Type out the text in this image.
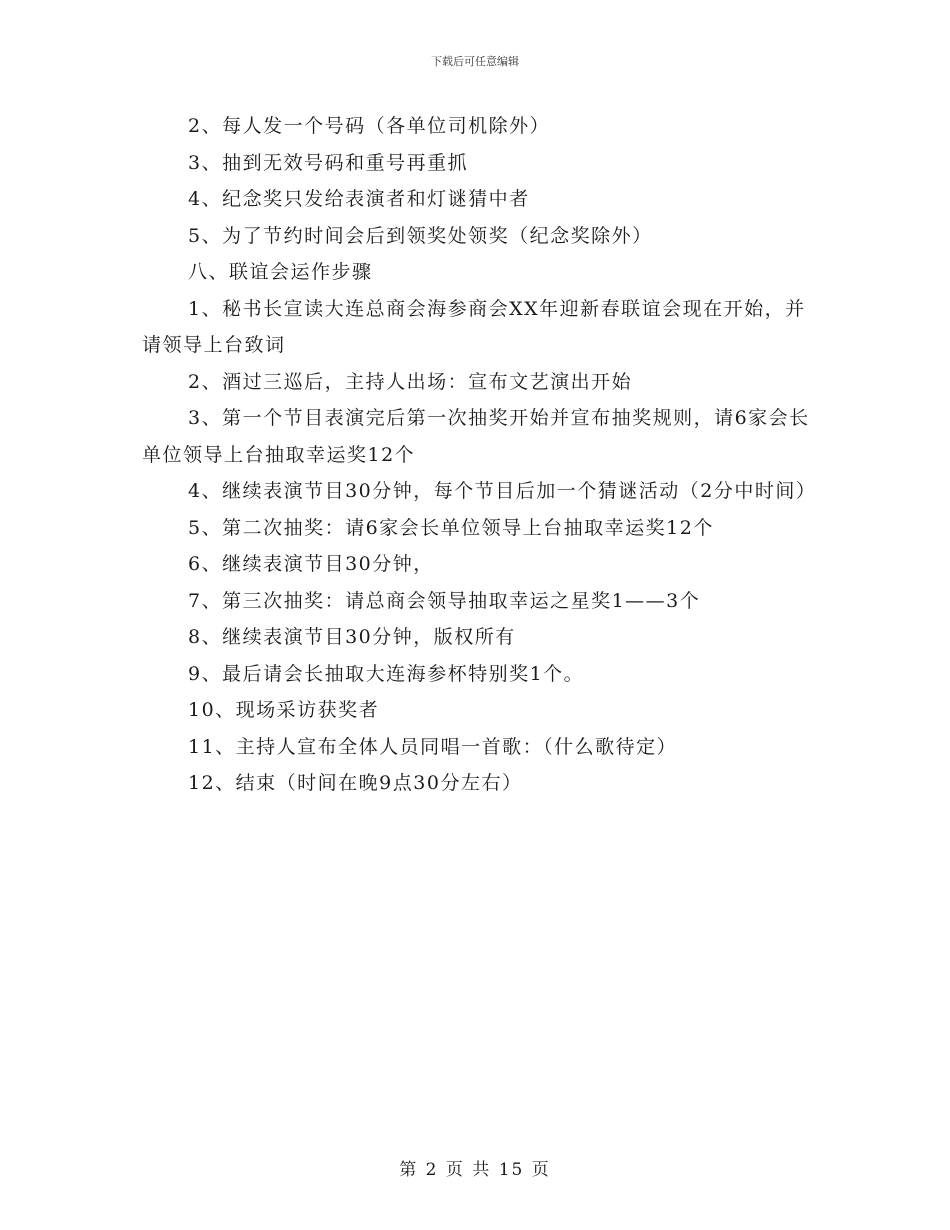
下载后可任意编辑

2、每人发一个号码（各单位司机除外）

3、抽到无效号码和重号再重抓

4、纪念奖只发给表演者和灯谜猜中者

5、为了节约时间会后到领奖处领奖（纪念奖除外）

八、联谊会运作步骤

1、秘书长宣读大连总商会海参商会XX年迎新春联谊会现在开始，并请领导上台致词

2、酒过三巡后，主持人出场：宣布文艺演出开始

3、第一个节目表演完后第一次抽奖开始并宣布抽奖规则，请6家会长单位领导上台抽取幸运奖12个

4、继续表演节目30分钟，每个节目后加一个猜谜活动（2分中时间）

5、第二次抽奖：请6家会长单位领导上台抽取幸运奖12个

6、继续表演节目30分钟，

7、第三次抽奖：请总商会领导抽取幸运之星奖1——3个

8、继续表演节目30分钟，版权所有

9、最后请会长抽取大连海参杯特别奖1个。

10、现场采访获奖者

11、主持人宣布全体人员同唱一首歌：（什么歌待定）

12、结束（时间在晚9点30分左右）

第 2 页 共 15 页
